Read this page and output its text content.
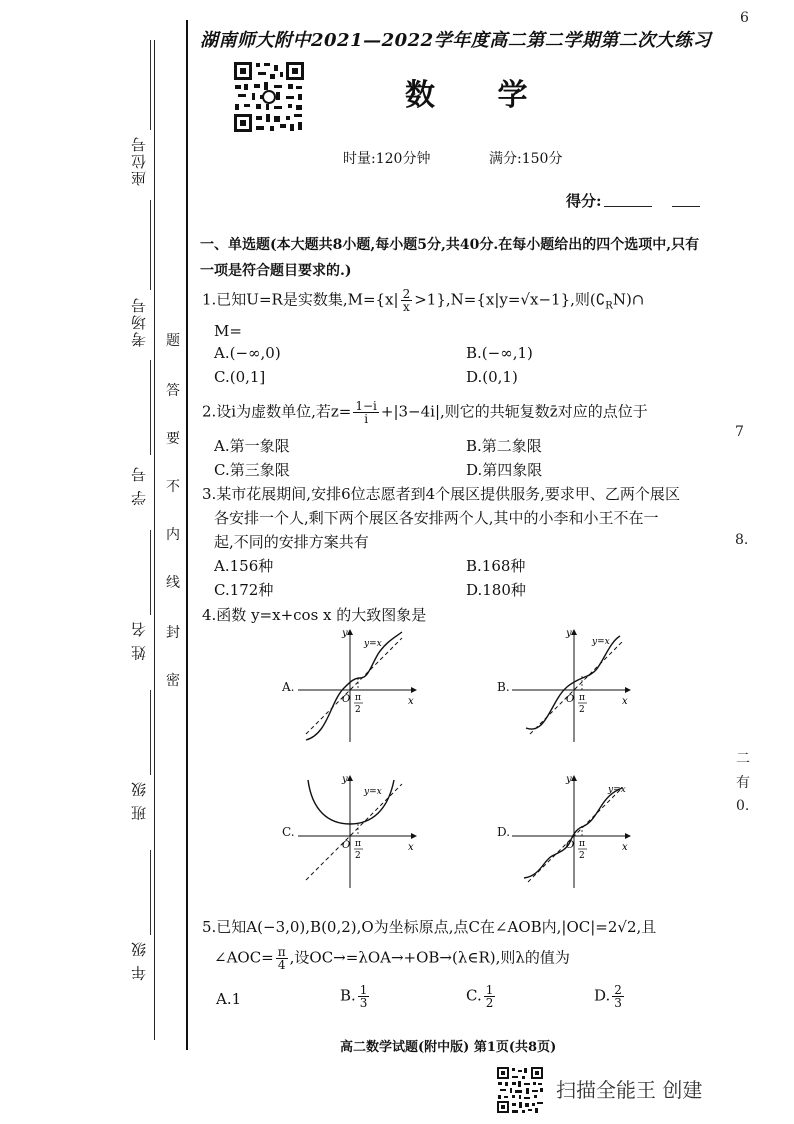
座位号
考场号
学 号
姓 名
班 级
年 级
题
答
要
不
内
线
封
密
6
7
8.
二
有
0.
湖南师大附中2021—2022学年度高二第二学期第二次大练习
数 学
时量:120分钟	满分:150分
得分:
一、单选题(本大题共8小题,每小题5分,共40分.在每小题给出的四个选项中,只有一项是符合题目要求的.)
1.已知U=R是实数集$,M=\{x| \frac{2}{x} >1\},N=\{x|y=√x-1\}$,则$(∁_RN)\cap$
M=
A.(−∞,0)	B.(−∞,1)
C.(0,1]	D.(0,1)
2.设i为虚数单位,若$z= \frac{1-i}{i} +|3-4i|$,则它的共轭复数z̄对应的点位于
A.第一象限	B.第二象限
C.第三象限	D.第四象限
3.某市花展期间,安排6位志愿者到4个展区提供服务,要求甲、乙两个展区
各安排一个人,剩下两个展区各安排两个人,其中的小李和小王不在一
起,不同的安排方案共有
A.156种	B.168种
C.172种	D.180种
4.函数 y=x+cos x 的大致图象是
A.	B.
C.	D.
y
x
y=x
O π
2
y
x
y=x
O π
2
y
x
y=x
O π
2
y
x
y=x
O π
2
5.已知A(−3,0),B(0,2),O为坐标原点,点C在∠AOB内,|OC|=2√2,且
∠AOC= $\frac{\pi}{4}$ ,设OC→=λOA→+OB→(λ∈R),则λ的值为
A.1	B. $\frac{1}{3}$	C. $\frac{1}{2}$	D. $\frac{2}{3}$
高二数学试题(附中版) 第1页(共8页)
扫描全能王 创建
